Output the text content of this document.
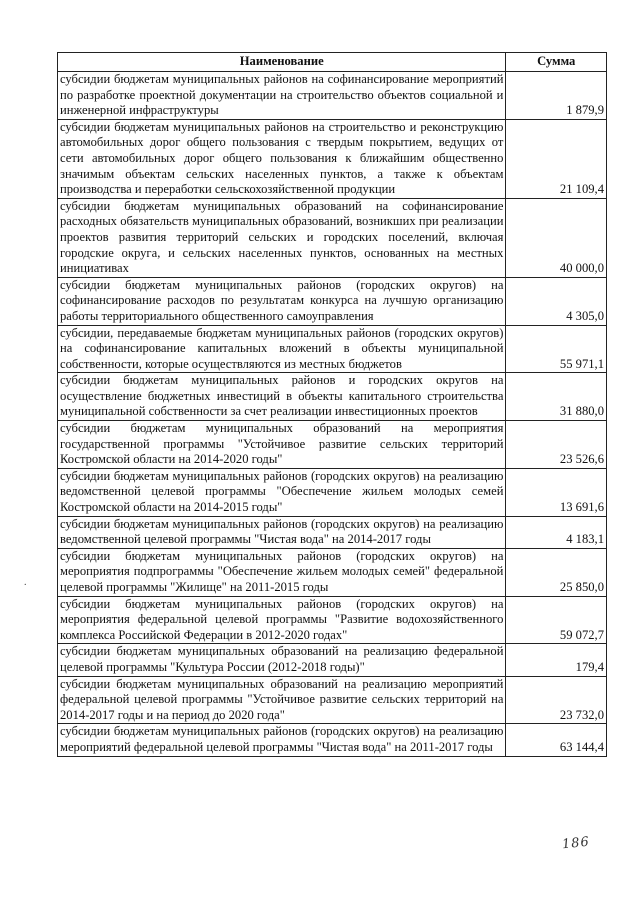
Наименование	Сумма
субсидии бюджетам муниципальных районов на софинансирование мероприятий по разработке проектной документации на строительство объектов социальной и инженерной инфраструктуры	1 879,9
субсидии бюджетам муниципальных районов на строительство и реконструкцию автомобильных дорог общего пользования с твердым покрытием, ведущих от сети автомобильных дорог общего пользования к ближайшим общественно значимым объектам сельских населенных пунктов, а также к объектам производства и переработки сельскохозяйственной продукции	21 109,4
субсидии бюджетам муниципальных образований на софинансирование расходных обязательств муниципальных образований, возникших при реализации проектов развития территорий сельских и городских поселений, включая городские округа, и сельских населенных пунктов, основанных на местных инициативах	40 000,0
субсидии бюджетам муниципальных районов (городских округов) на софинансирование расходов по результатам конкурса на лучшую организацию работы территориального общественного самоуправления	4 305,0
субсидии, передаваемые бюджетам муниципальных районов (городских округов) на софинансирование капитальных вложений в объекты муниципальной собственности, которые осуществляются из местных бюджетов	55 971,1
субсидии бюджетам муниципальных районов и городских округов на осуществление бюджетных инвестиций в объекты капитального строительства муниципальной собственности за счет реализации инвестиционных проектов	31 880,0
субсидии бюджетам муниципальных образований на мероприятия государственной программы "Устойчивое развитие сельских территорий Костромской области на 2014-2020 годы"	23 526,6
субсидии бюджетам муниципальных районов (городских округов) на реализацию ведомственной целевой программы "Обеспечение жильем молодых семей Костромской области на 2014-2015 годы"	13 691,6
субсидии бюджетам муниципальных районов (городских округов) на реализацию ведомственной целевой программы "Чистая вода" на 2014-2017 годы	4 183,1
субсидии бюджетам муниципальных районов (городских округов) на мероприятия подпрограммы "Обеспечение жильем молодых семей" федеральной целевой программы "Жилище" на 2011-2015 годы	25 850,0
субсидии бюджетам муниципальных районов (городских округов) на мероприятия федеральной целевой программы "Развитие водохозяйственного комплекса Российской Федерации в 2012-2020 годах"	59 072,7
субсидии бюджетам муниципальных образований на реализацию федеральной целевой программы "Культура России (2012-2018 годы)"	179,4
субсидии бюджетам муниципальных образований на реализацию мероприятий федеральной целевой программы "Устойчивое развитие сельских территорий на 2014-2017 годы и на период до 2020 года"	23 732,0
субсидии бюджетам муниципальных районов (городских округов) на реализацию мероприятий федеральной целевой программы "Чистая вода" на 2011-2017 годы	63 144,4
.
186
